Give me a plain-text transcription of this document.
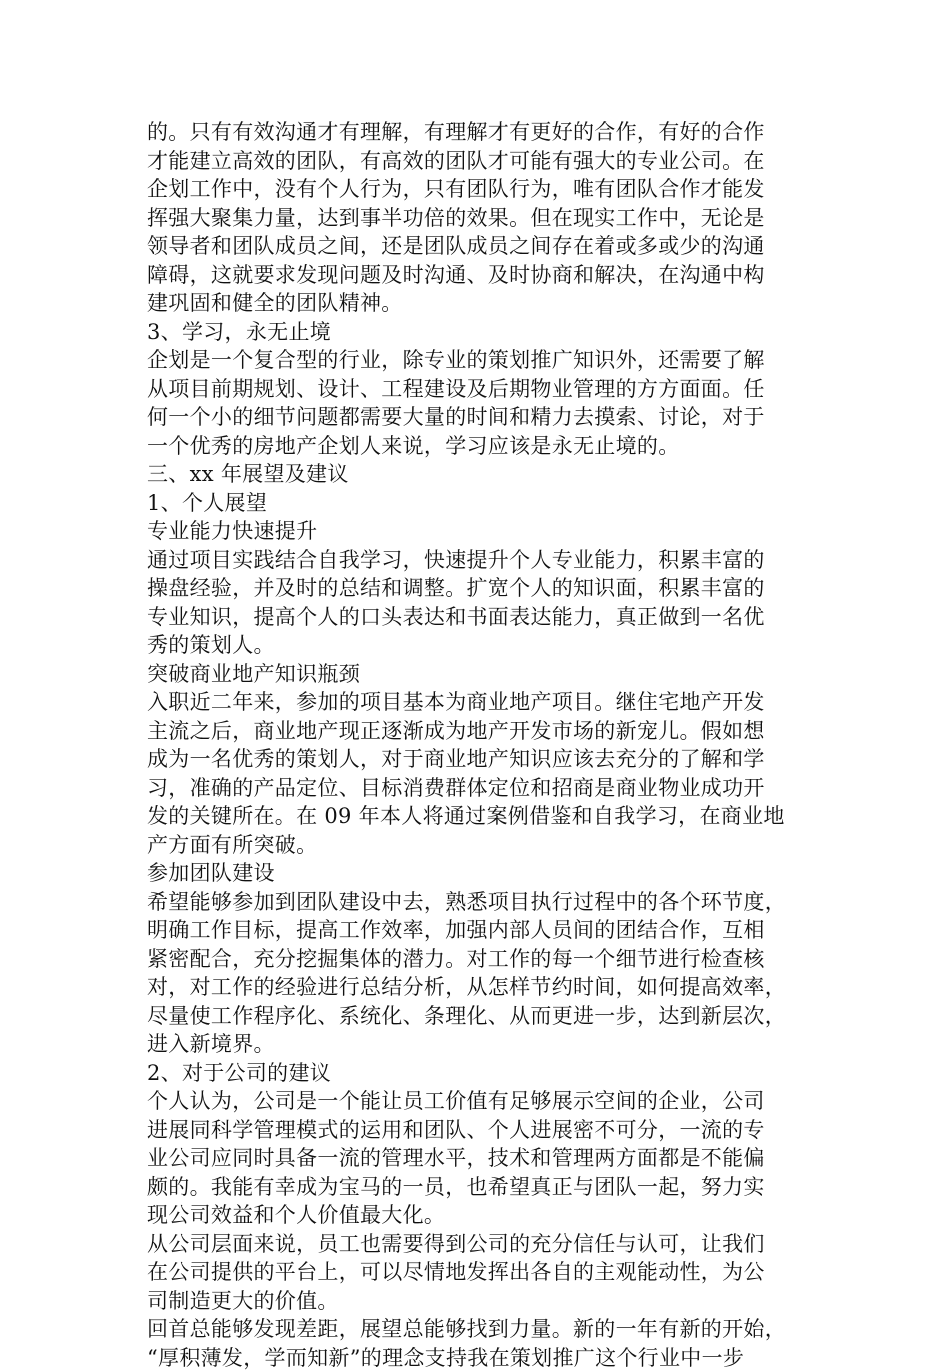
的。只有有效沟通才有理解，有理解才有更好的合作，有好的合作
才能建立高效的团队，有高效的团队才可能有强大的专业公司。在
企划工作中，没有个人行为，只有团队行为，唯有团队合作才能发
挥强大聚集力量，达到事半功倍的效果。但在现实工作中，无论是
领导者和团队成员之间，还是团队成员之间存在着或多或少的沟通
障碍，这就要求发现问题及时沟通、及时协商和解决，在沟通中构
建巩固和健全的团队精神。
3、学习，永无止境
企划是一个复合型的行业，除专业的策划推广知识外，还需要了解
从项目前期规划、设计、工程建设及后期物业管理的方方面面。任
何一个小的细节问题都需要大量的时间和精力去摸索、讨论，对于
一个优秀的房地产企划人来说，学习应该是永无止境的。
三、xx 年展望及建议
1、个人展望
专业能力快速提升
通过项目实践结合自我学习，快速提升个人专业能力，积累丰富的
操盘经验，并及时的总结和调整。扩宽个人的知识面，积累丰富的
专业知识，提高个人的口头表达和书面表达能力，真正做到一名优
秀的策划人。
突破商业地产知识瓶颈
入职近二年来，参加的项目基本为商业地产项目。继住宅地产开发
主流之后，商业地产现正逐渐成为地产开发市场的新宠儿。假如想
成为一名优秀的策划人，对于商业地产知识应该去充分的了解和学
习，准确的产品定位、目标消费群体定位和招商是商业物业成功开
发的关键所在。在 09 年本人将通过案例借鉴和自我学习，在商业地
产方面有所突破。
参加团队建设
希望能够参加到团队建设中去，熟悉项目执行过程中的各个环节度，
明确工作目标，提高工作效率，加强内部人员间的团结合作，互相
紧密配合，充分挖掘集体的潜力。对工作的每一个细节进行检查核
对，对工作的经验进行总结分析，从怎样节约时间，如何提高效率，
尽量使工作程序化、系统化、条理化、从而更进一步，达到新层次，
进入新境界。
2、对于公司的建议
个人认为，公司是一个能让员工价值有足够展示空间的企业，公司
进展同科学管理模式的运用和团队、个人进展密不可分，一流的专
业公司应同时具备一流的管理水平，技术和管理两方面都是不能偏
颇的。我能有幸成为宝马的一员，也希望真正与团队一起，努力实
现公司效益和个人价值最大化。
从公司层面来说，员工也需要得到公司的充分信任与认可，让我们
在公司提供的平台上，可以尽情地发挥出各自的主观能动性，为公
司制造更大的价值。
回首总能够发现差距，展望总能够找到力量。新的一年有新的开始，
“厚积薄发，学而知新”的理念支持我在策划推广这个行业中一步
